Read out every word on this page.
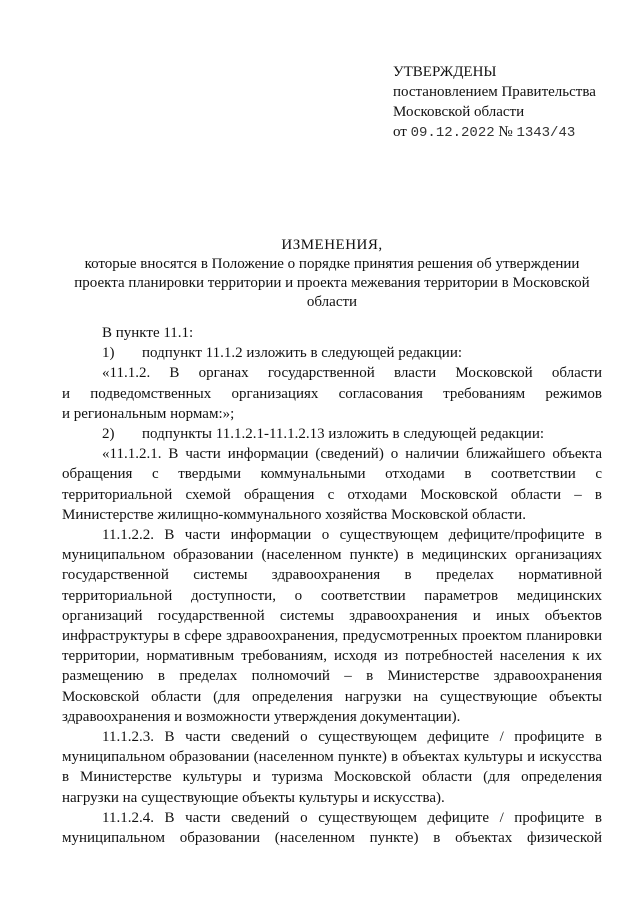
УТВЕРЖДЕНЫ
постановлением Правительства
Московской области
от 09.12.2022 № 1343/43
ИЗМЕНЕНИЯ,
которые вносятся в Положение о порядке принятия решения об утверждении
проекта планировки территории и проекта межевания территории в Московской
области

В пункте 11.1:

1) подпункт 11.1.2 изложить в следующей редакции:

«11.1.2. В органах государственной власти Московской области

и подведомственных организациях согласования требованиям режимов

и региональным нормам:»;

2) подпункты 11.1.2.1-11.1.2.13 изложить в следующей редакции:

«11.1.2.1. В части информации (сведений) о наличии ближайшего объекта обращения с твердыми коммунальными отходами в соответствии с территориальной схемой обращения с отходами Московской области – в Министерстве жилищно-коммунального хозяйства Московской области.

11.1.2.2. В части информации о существующем дефиците/профиците в муниципальном образовании (населенном пункте) в медицинских организациях государственной системы здравоохранения в пределах нормативной территориальной доступности, о соответствии параметров медицинских организаций государственной системы здравоохранения и иных объектов инфраструктуры в сфере здравоохранения, предусмотренных проектом планировки территории, нормативным требованиям, исходя из потребностей населения к их размещению в пределах полномочий – в Министерстве здравоохранения Московской области (для определения нагрузки на существующие объекты здравоохранения и возможности утверждения документации).

11.1.2.3. В части сведений о существующем дефиците / профиците в муниципальном образовании (населенном пункте) в объектах культуры и искусства в Министерстве культуры и туризма Московской области (для определения нагрузки на существующие объекты культуры и искусства).

11.1.2.4. В части сведений о существующем дефиците / профиците в муниципальном образовании (населенном пункте) в объектах физической
